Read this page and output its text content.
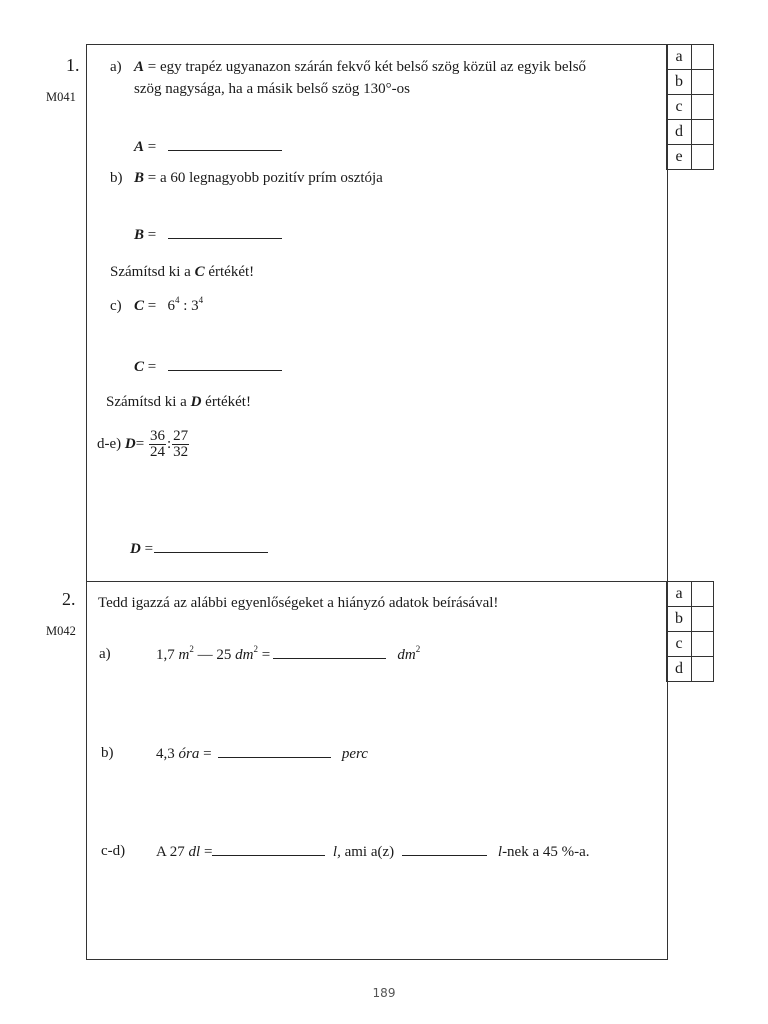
1.
M041
a) A = egy trapéz ugyanazon szárán fekvő két belső szög közül az egyik belső
szög nagysága, ha a másik belső szög 130°-os
A =
b) B = a 60 legnagyobb pozitív prím osztója
B =
Számítsd ki a C értékét!
c) $C = 6^4$ : $3^4$
C =
Számítsd ki a D értékét!
d-e)
D =
$\frac{36}{24}$ : $\frac{27}{32}$
D =
a	
b	
c	
d	
e	
2.
M042
Tedd igazzá az alábbi egyenlőségeket a hiányzó adatok beírásával!
a)	1,7 $m^2$ — 25 $dm^2$ =	$dm^2$
b)	4,3 óra =	perc
c-d) A 27 dl =	l, ami a(z)	l-nek a 45 %-a.
a	
b	
c	
d	
189
